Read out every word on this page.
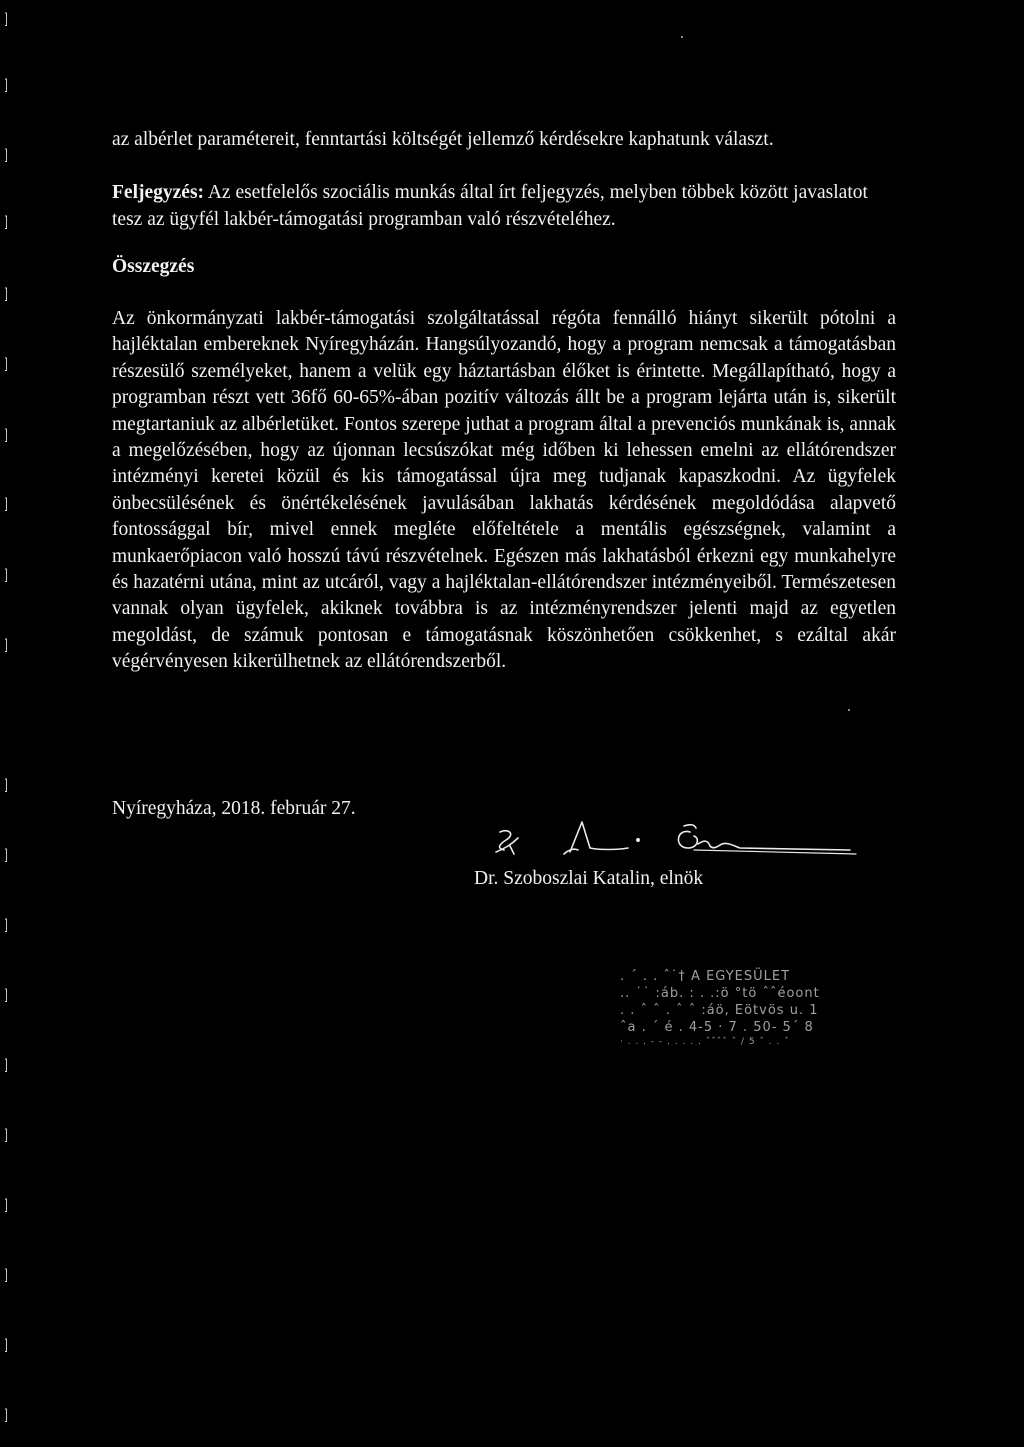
]
]
]
]
]
]
]
]
]
]
]
]
]
]
]
]
]
]
]
]

az albérlet paramétereit, fenntartási költségét jellemző kérdésekre kaphatunk választ.

Feljegyzés: Az esetfelelős szociális munkás által írt feljegyzés, melyben többek között javaslatot tesz az ügyfél lakbér-támogatási programban való részvételéhez.

Összegzés

Az önkormányzati lakbér-támogatási szolgáltatással régóta fennálló hiányt sikerült pótolni a hajléktalan embereknek Nyíregyházán. Hangsúlyozandó, hogy a program nemcsak a támogatásban részesülő személyeket, hanem a velük egy háztartásban élőket is érintette. Megállapítható, hogy a programban részt vett 36fő 60-65%-ában pozitív változás állt be a program lejárta után is, sikerült megtartaniuk az albérletüket. Fontos szerepe juthat a program által a prevenciós munkának is, annak a megelőzésében, hogy az újonnan lecsúszókat még időben ki lehessen emelni az ellátórendszer intézményi keretei közül és kis támogatással újra meg tudjanak kapaszkodni. Az ügyfelek önbecsülésének és önértékelésének javulásában lakhatás kérdésének megoldódása alapvető fontossággal bír, mivel ennek megléte előfeltétele a mentális egészségnek, valamint a munkaerőpiacon való hosszú távú részvételnek. Egészen más lakhatásból érkezni egy munkahelyre és hazatérni utána, mint az utcáról, vagy a hajléktalan-ellátórendszer intézményeiből. Természetesen vannak olyan ügyfelek, akiknek továbbra is az intézményrendszer jelenti majd az egyetlen megoldást, de számuk pontosan e támogatásnak köszönhetően csökkenhet, s ezáltal akár végérvényesen kikerülhetnek az ellátórendszerből.

Nyíregyháza, 2018. február 27.

Dr. Szoboszlai Katalin, elnök

. ´ . . ˆ˙† A EGYESÜLET
.. ˙˙ :áb. : . .:ö °tö ˆˆéoont
. . ˆ ˆ . ˆ ˆ :áö, Eötvös u. 1
ˆa . ´ é . 4-5 · 7 . 50- 5´ 8
· . . . - - . . . . . ˆˆˆˆ ˆ / 5 ˆ . . ˆ
